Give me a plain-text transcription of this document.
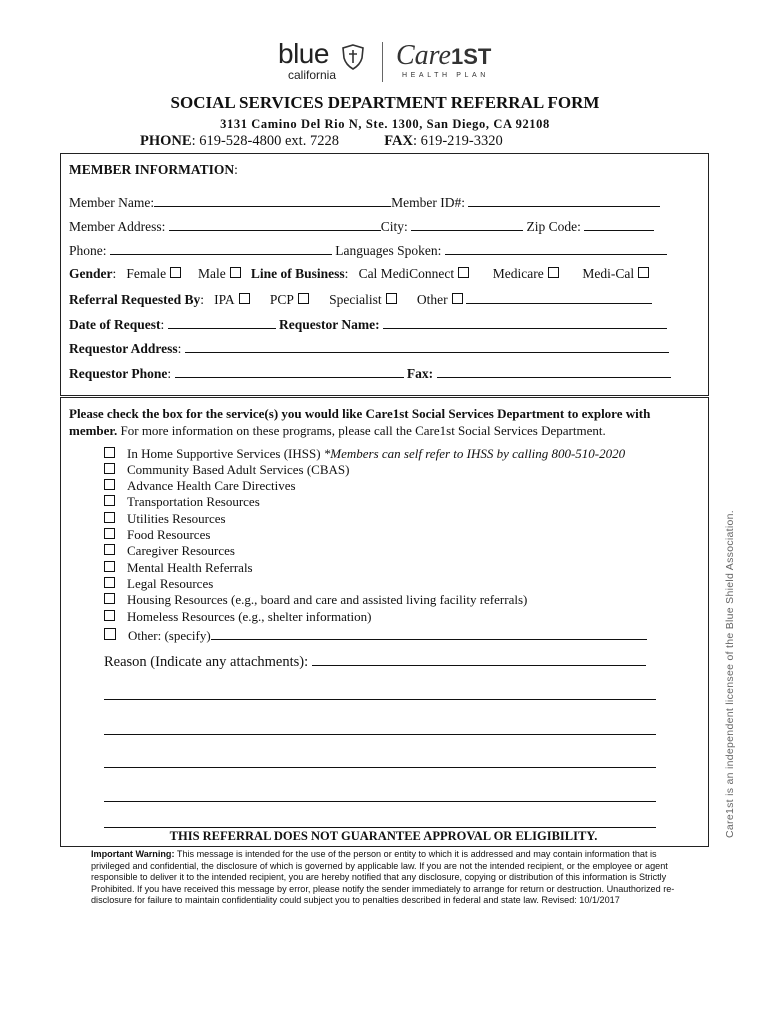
blue
california
Care1ST
HEALTH PLAN
SOCIAL SERVICES DEPARTMENT REFERRAL FORM
3131 Camino Del Rio N, Ste. 1300, San Diego, CA 92108
PHONE: 619-528-4800 ext. 7228	FAX: 619-219-3320
MEMBER INFORMATION:
Member Name:	Member ID#:
Member Address:	City:	Zip Code:
Phone:	Languages Spoken:
Gender:   Female Male Line of Business:   Cal MediConnect	Medicare	Medi-Cal
Referral Requested By:   IPA	PCP	Specialist	Other
Date of Request:	Requestor Name:
Requestor Address:
Requestor Phone:	Fax:
Please check the box for the service(s) you would like Care1st Social Services Department to explore with member. For more information on these programs, please call the Care1st Social Services Department.
In Home Supportive Services (IHSS) *Members can self refer to IHSS by calling 800-510-2020
Community Based Adult Services (CBAS)
Advance Health Care Directives
Transportation Resources
Utilities Resources
Food Resources
Caregiver Resources
Mental Health Referrals
Legal Resources
Housing Resources (e.g., board and care and assisted living facility referrals)
Homeless Resources (e.g., shelter information)
Other: (specify)
Reason (Indicate any attachments):
THIS REFERRAL DOES NOT GUARANTEE APPROVAL OR ELIGIBILITY.
Important Warning: This message is intended for the use of the person or entity to which it is addressed and may contain information that is privileged and confidential, the disclosure of which is governed by applicable law. If you are not the intended recipient, or the employee or agent responsible to deliver it to the intended recipient, you are hereby notified that any disclosure, copying or distribution of this information is Strictly Prohibited. If you have received this message by error, please notify the sender immediately to arrange for return or destruction. Unauthorized re-disclosure for failure to maintain confidentiality could subject you to penalties described in federal and state law. Revised: 10/1/2017
Care1st is an independent licensee of the Blue Shield Association.
